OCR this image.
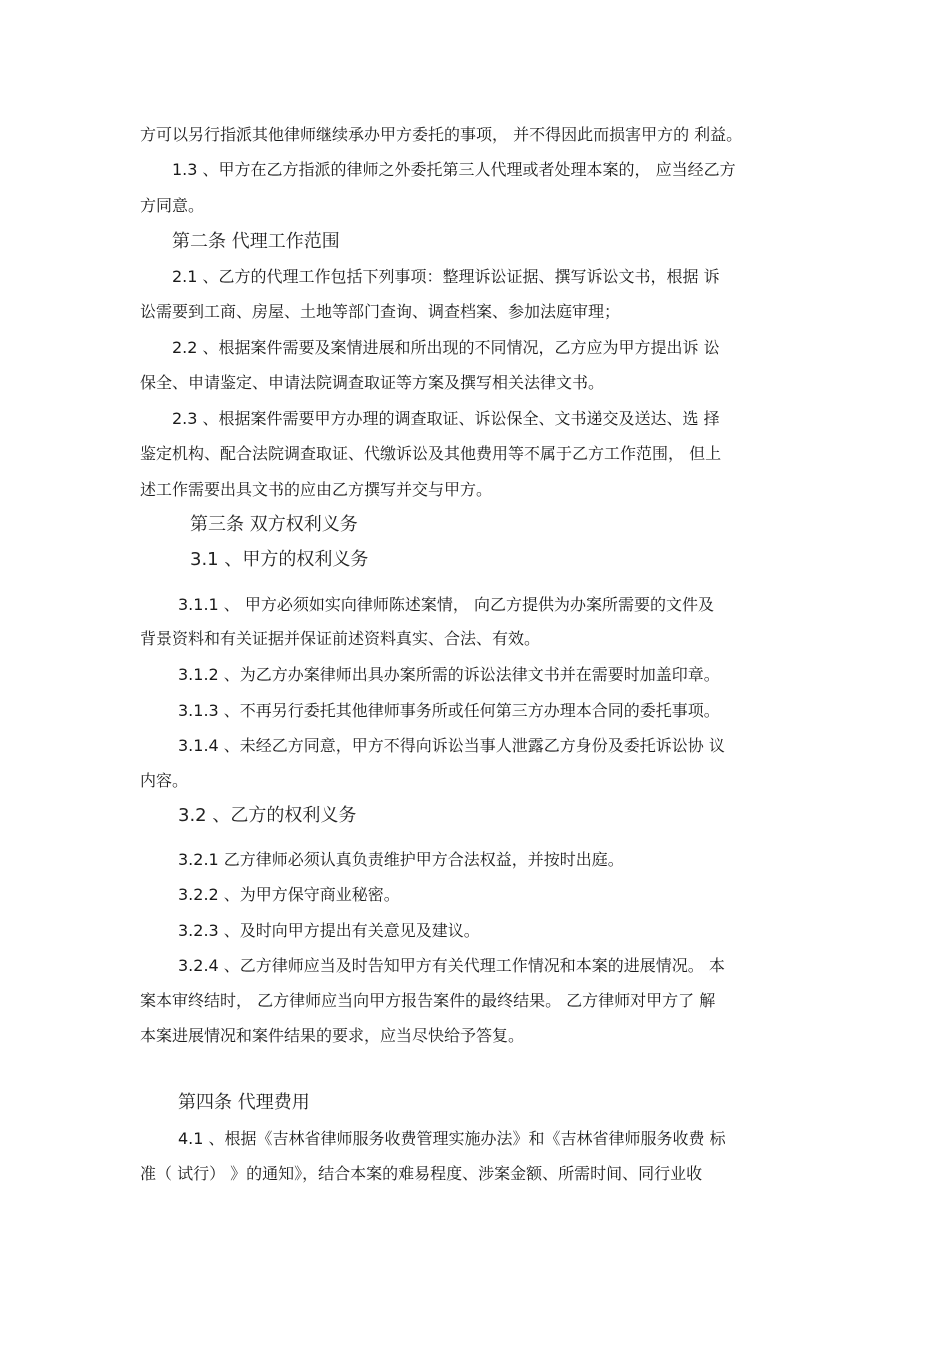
方可以另行指派其他律师继续承办甲方委托的事项， 并不得因此而损害甲方的 利益。
1.3 、甲方在乙方指派的律师之外委托第三人代理或者处理本案的， 应当经乙方
方同意。
第二条 代理工作范围
2.1 、乙方的代理工作包括下列事项：整理诉讼证据、撰写诉讼文书，根据 诉
讼需要到工商、房屋、土地等部门查询、调查档案、参加法庭审理；
2.2 、根据案件需要及案情进展和所出现的不同情况，乙方应为甲方提出诉 讼
保全、申请鉴定、申请法院调查取证等方案及撰写相关法律文书。
2.3 、根据案件需要甲方办理的调查取证、诉讼保全、文书递交及送达、选 择
鉴定机构、配合法院调查取证、代缴诉讼及其他费用等不属于乙方工作范围， 但上
述工作需要出具文书的应由乙方撰写并交与甲方。
第三条 双方权利义务
3.1 、甲方的权利义务
3.1.1 、 甲方必须如实向律师陈述案情， 向乙方提供为办案所需要的文件及
背景资料和有关证据并保证前述资料真实、合法、有效。
3.1.2 、为乙方办案律师出具办案所需的诉讼法律文书并在需要时加盖印章。
3.1.3 、不再另行委托其他律师事务所或任何第三方办理本合同的委托事项。
3.1.4 、未经乙方同意，甲方不得向诉讼当事人泄露乙方身份及委托诉讼协 议
内容。
3.2 、乙方的权利义务
3.2.1 乙方律师必须认真负责维护甲方合法权益，并按时出庭。
3.2.2 、为甲方保守商业秘密。
3.2.3 、及时向甲方提出有关意见及建议。
3.2.4 、乙方律师应当及时告知甲方有关代理工作情况和本案的进展情况。 本
案本审终结时， 乙方律师应当向甲方报告案件的最终结果。 乙方律师对甲方了 解
本案进展情况和案件结果的要求，应当尽快给予答复。
第四条 代理费用
4.1 、根据《吉林省律师服务收费管理实施办法》和《吉林省律师服务收费 标
准（ 试行） 》的通知》，结合本案的难易程度、涉案金额、所需时间、同行业收
